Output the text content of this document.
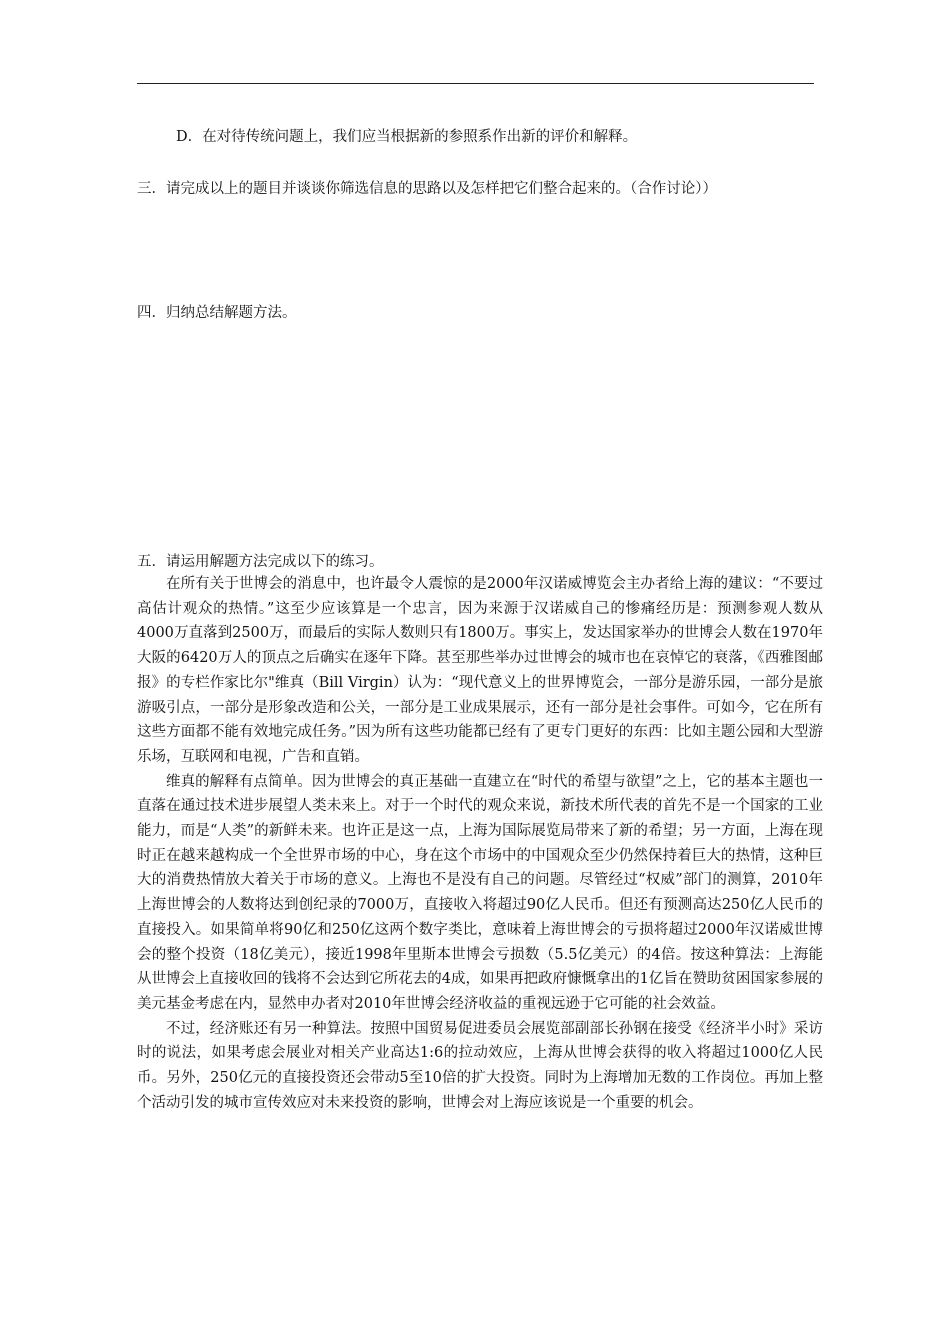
D．在对待传统问题上，我们应当根据新的参照系作出新的评价和解释。
三．请完成以上的题目并谈谈你筛选信息的思路以及怎样把它们整合起来的。（合作讨论））
四．归纳总结解题方法。
五．请运用解题方法完成以下的练习。

在所有关于世博会的消息中，也许最令人震惊的是2000年汉诺威博览会主办者给上海的建议：“不要过高估计观众的热情。”这至少应该算是一个忠言，因为来源于汉诺威自己的惨痛经历是：预测参观人数从4000万直落到2500万，而最后的实际人数则只有1800万。事实上，发达国家举办的世博会人数在1970年大阪的6420万人的顶点之后确实在逐年下降。甚至那些举办过世博会的城市也在哀悼它的衰落，《西雅图邮报》的专栏作家比尔"维真（Bill Virgin）认为：“现代意义上的世界博览会，一部分是游乐园，一部分是旅游吸引点，一部分是形象改造和公关，一部分是工业成果展示，还有一部分是社会事件。可如今，它在所有这些方面都不能有效地完成任务。”因为所有这些功能都已经有了更专门更好的东西：比如主题公园和大型游乐场，互联网和电视，广告和直销。

维真的解释有点简单。因为世博会的真正基础一直建立在“时代的希望与欲望”之上，它的基本主题也一直落在通过技术进步展望人类未来上。对于一个时代的观众来说，新技术所代表的首先不是一个国家的工业能力，而是“人类”的新鲜未来。也许正是这一点，上海为国际展览局带来了新的希望；另一方面，上海在现时正在越来越构成一个全世界市场的中心，身在这个市场中的中国观众至少仍然保持着巨大的热情，这种巨大的消费热情放大着关于市场的意义。上海也不是没有自己的问题。尽管经过“权威”部门的测算，2010年上海世博会的人数将达到创纪录的7000万，直接收入将超过90亿人民币。但还有预测高达250亿人民币的直接投入。如果简单将90亿和250亿这两个数字类比，意味着上海世博会的亏损将超过2000年汉诺威世博会的整个投资（18亿美元），接近1998年里斯本世博会亏损数（5.5亿美元）的4倍。按这种算法：上海能从世博会上直接收回的钱将不会达到它所花去的4成，如果再把政府慷慨拿出的1亿旨在赞助贫困国家参展的美元基金考虑在内，显然申办者对2010年世博会经济收益的重视远逊于它可能的社会效益。

不过，经济账还有另一种算法。按照中国贸易促进委员会展览部副部长孙钢在接受《经济半小时》采访时的说法，如果考虑会展业对相关产业高达1:6的拉动效应，上海从世博会获得的收入将超过1000亿人民币。另外，250亿元的直接投资还会带动5至10倍的扩大投资。同时为上海增加无数的工作岗位。再加上整个活动引发的城市宣传效应对未来投资的影响，世博会对上海应该说是一个重要的机会。
